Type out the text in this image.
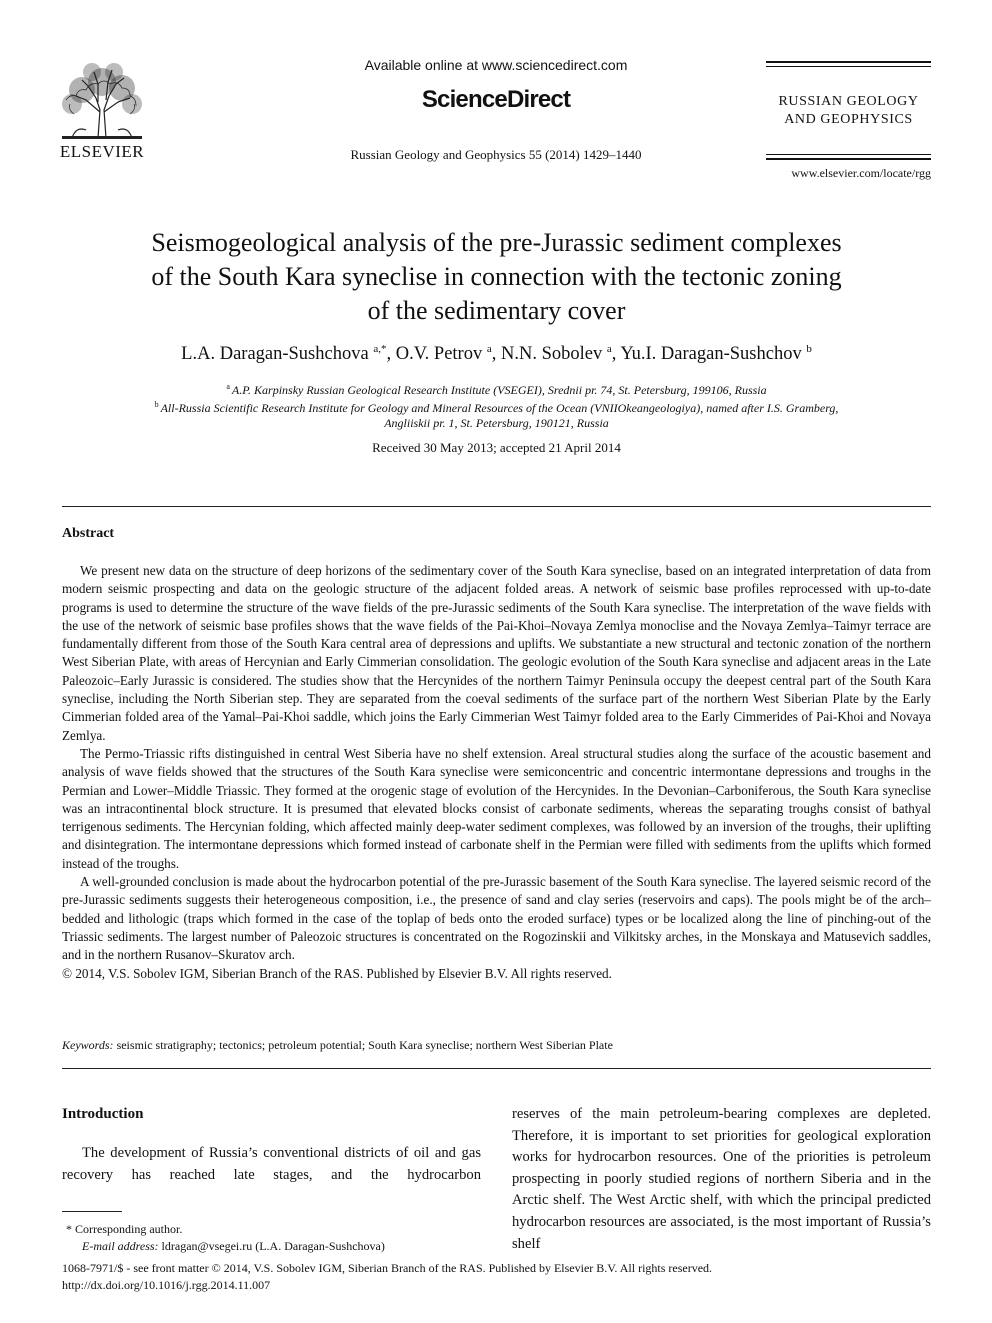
ELSEVIER
Available online at www.sciencedirect.com
ScienceDirect
Russian Geology and Geophysics 55 (2014) 1429–1440
RUSSIAN GEOLOGY
AND GEOPHYSICS
www.elsevier.com/locate/rgg
Seismogeological analysis of the pre-Jurassic sediment complexes
of the South Kara syneclise in connection with the tectonic zoning
of the sedimentary cover
L.A. Daragan-Sushchova $^{a,*}$, O.V. Petrov $^a$, N.N. Sobolev $^a$, Yu.I. Daragan-Sushchov $^b$
$^a$ A.P. Karpinsky Russian Geological Research Institute (VSEGEI), Srednii pr. 74, St. Petersburg, 199106, Russia
$^b$ All-Russia Scientific Research Institute for Geology and Mineral Resources of the Ocean (VNIIOkeangeologiya), named after I.S. Gramberg,
Angliiskii pr. 1, St. Petersburg, 190121, Russia
Received 30 May 2013; accepted 21 April 2014
Abstract

We present new data on the structure of deep horizons of the sedimentary cover of the South Kara syneclise, based on an integrated interpretation of data from modern seismic prospecting and data on the geologic structure of the adjacent folded areas. A network of seismic base profiles reprocessed with up-to-date programs is used to determine the structure of the wave fields of the pre-Jurassic sediments of the South Kara syneclise. The interpretation of the wave fields with the use of the network of seismic base profiles shows that the wave fields of the Pai-Khoi–Novaya Zemlya monoclise and the Novaya Zemlya–Taimyr terrace are fundamentally different from those of the South Kara central area of depressions and uplifts. We substantiate a new structural and tectonic zonation of the northern West Siberian Plate, with areas of Hercynian and Early Cimmerian consolidation. The geologic evolution of the South Kara syneclise and adjacent areas in the Late Paleozoic–Early Jurassic is considered. The studies show that the Hercynides of the northern Taimyr Peninsula occupy the deepest central part of the South Kara syneclise, including the North Siberian step. They are separated from the coeval sediments of the surface part of the northern West Siberian Plate by the Early Cimmerian folded area of the Yamal–Pai-Khoi saddle, which joins the Early Cimmerian West Taimyr folded area to the Early Cimmerides of Pai-Khoi and Novaya Zemlya.

The Permo-Triassic rifts distinguished in central West Siberia have no shelf extension. Areal structural studies along the surface of the acoustic basement and analysis of wave fields showed that the structures of the South Kara syneclise were semiconcentric and concentric intermontane depressions and troughs in the Permian and Lower–Middle Triassic. They formed at the orogenic stage of evolution of the Hercynides. In the Devonian–Carboniferous, the South Kara syneclise was an intracontinental block structure. It is presumed that elevated blocks consist of carbonate sediments, whereas the separating troughs consist of bathyal terrigenous sediments. The Hercynian folding, which affected mainly deep-water sediment complexes, was followed by an inversion of the troughs, their uplifting and disintegration. The intermontane depressions which formed instead of carbonate shelf in the Permian were filled with sediments from the uplifts which formed instead of the troughs.

A well-grounded conclusion is made about the hydrocarbon potential of the pre-Jurassic basement of the South Kara syneclise. The layered seismic record of the pre-Jurassic sediments suggests their heterogeneous composition, i.e., the presence of sand and clay series (reservoirs and caps). The pools might be of the arch–bedded and lithologic (traps which formed in the case of the toplap of beds onto the eroded surface) types or be localized along the line of pinching-out of the Triassic sediments. The largest number of Paleozoic structures is concentrated on the Rogozinskii and Vilkitsky arches, in the Monskaya and Matusevich saddles, and in the northern Rusanov–Skuratov arch.

© 2014, V.S. Sobolev IGM, Siberian Branch of the RAS. Published by Elsevier B.V. All rights reserved.

Keywords: seismic stratigraphy; tectonics; petroleum potential; South Kara syneclise; northern West Siberian Plate
Introduction

The development of Russia’s conventional districts of oil and gas recovery has reached late stages, and the hydrocarbon

reserves of the main petroleum-bearing complexes are depleted. Therefore, it is important to set priorities for geological exploration works for hydrocarbon resources. One of the priorities is petroleum prospecting in poorly studied regions of northern Siberia and in the Arctic shelf. The West Arctic shelf, with which the principal predicted hydrocarbon resources are associated, is the most important of Russia’s shelf

* Corresponding author.
E-mail address: ldragan@vsegei.ru (L.A. Daragan-Sushchova)
1068-7971/$ - see front matter © 2014, V.S. Sobolev IGM, Siberian Branch of the RAS. Published by Elsevier B.V. All rights reserved.
http://dx.doi.org/10.1016/j.rgg.2014.11.007
